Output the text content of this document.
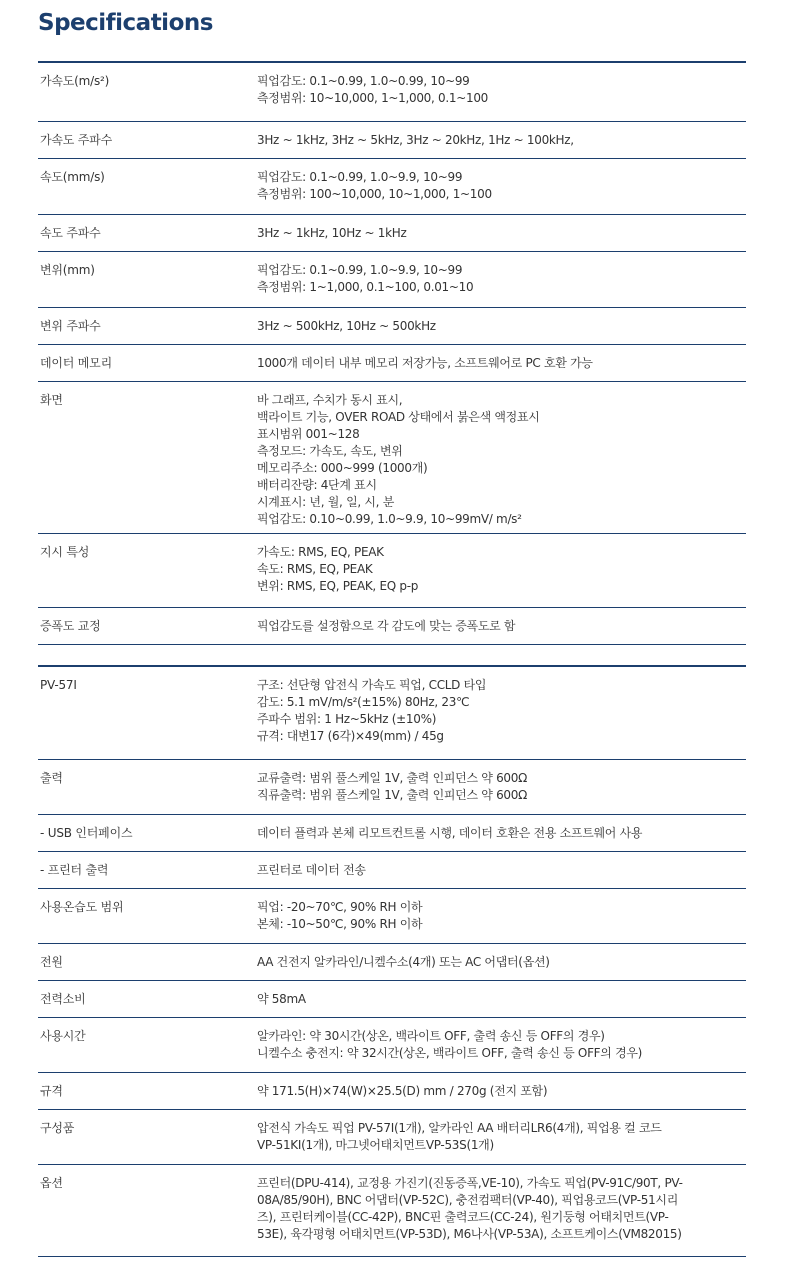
Specifications
가속도(m/s²)	픽업감도: 0.1~0.99, 1.0~0.99, 10~99
측정범위: 10~10,000, 1~1,000, 0.1~100
가속도 주파수	3Hz ~ 1kHz, 3Hz ~ 5kHz, 3Hz ~ 20kHz, 1Hz ~ 100kHz,
속도(mm/s)	픽업감도: 0.1~0.99, 1.0~9.9, 10~99
측정범위: 100~10,000, 10~1,000, 1~100
속도 주파수	3Hz ~ 1kHz, 10Hz ~ 1kHz
변위(mm)	픽업감도: 0.1~0.99, 1.0~9.9, 10~99
측정범위: 1~1,000, 0.1~100, 0.01~10
변위 주파수	3Hz ~ 500kHz, 10Hz ~ 500kHz
데이터 메모리	1000개 데이터 내부 메모리 저장가능, 소프트웨어로 PC 호환 가능
화면	바 그래프, 수치가 동시 표시,
백라이트 기능, OVER ROAD 상태에서 붉은색 액정표시
표시범위 001~128
측정모드: 가속도, 속도, 변위
메모리주소: 000~999 (1000개)
배터리잔량: 4단계 표시
시계표시: 년, 월, 일, 시, 분
픽업감도: 0.10~0.99, 1.0~9.9, 10~99mV/ m/s²
지시 특성	가속도: RMS, EQ, PEAK
속도: RMS, EQ, PEAK
변위: RMS, EQ, PEAK, EQ p-p
증폭도 교정	픽업감도를 설정함으로 각 감도에 맞는 증폭도로 함
PV-57I	구조: 선단형 압전식 가속도 픽업, CCLD 타입
감도: 5.1 mV/m/s²(±15%) 80Hz, 23℃
주파수 범위: 1 Hz~5kHz (±10%)
규격: 대변17 (6각)×49(mm) / 45g
출력	교류출력: 범위 풀스케일 1V, 출력 인피던스 약 600Ω
직류출력: 범위 풀스케일 1V, 출력 인피던스 약 600Ω
- USB 인터페이스	데이터 플력과 본체 리모트컨트롤 시행, 데이터 호환은 전용 소프트웨어 사용
- 프린터 출력	프린터로 데이터 전송
사용온습도 범위	픽업: -20~70℃, 90% RH 이하
본체: -10~50℃, 90% RH 이하
전원	AA 건전지 알카라인/니켈수소(4개) 또는 AC 어댑터(옵션)
전력소비	약 58mA
사용시간	알카라인: 약 30시간(상온, 백라이트 OFF, 출력 송신 등 OFF의 경우)
니켈수소 충전지: 약 32시간(상온, 백라이트 OFF, 출력 송신 등 OFF의 경우)
규격	약 171.5(H)×74(W)×25.5(D) mm / 270g (전지 포함)
구성품	압전식 가속도 픽업 PV-57I(1개), 알카라인 AA 배터리LR6(4개), 픽업용 컬 코드
VP-51KI(1개), 마그넷어태치먼트VP-53S(1개)
옵션	프린터(DPU-414), 교정용 가진기(진동증폭,VE-10), 가속도 픽업(PV-91C/90T, PV-
08A/85/90H), BNC 어댑터(VP-52C), 충전컴팩터(VP-40), 픽업용코드(VP-51시리
즈), 프린터케이블(CC-42P), BNC핀 출력코드(CC-24), 원기둥형 어태치먼트(VP-
53E), 육각평형 어태치먼트(VP-53D), M6나사(VP-53A), 소프트케이스(VM82015)
